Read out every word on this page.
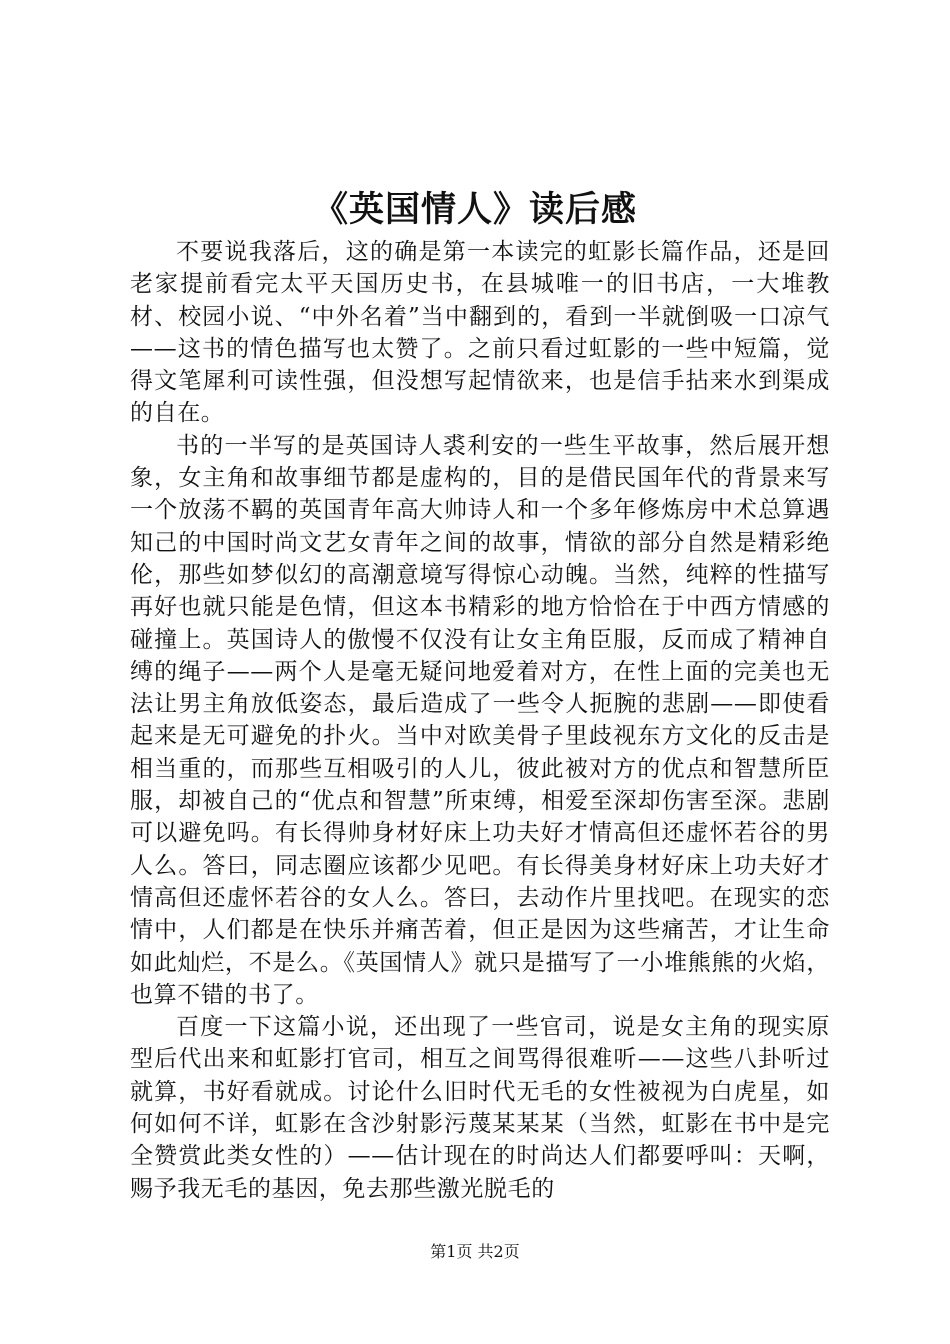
《英国情人》读后感

不要说我落后，这的确是第一本读完的虹影长篇作品，还是回老家提前看完太平天国历史书，在县城唯一的旧书店，一大堆教材、校园小说、“中外名着”当中翻到的，看到一半就倒吸一口凉气——这书的情色描写也太赞了。之前只看过虹影的一些中短篇，觉得文笔犀利可读性强，但没想写起情欲来，也是信手拈来水到渠成的自在。

书的一半写的是英国诗人裘利安的一些生平故事，然后展开想象，女主角和故事细节都是虚构的，目的是借民国年代的背景来写一个放荡不羁的英国青年高大帅诗人和一个多年修炼房中术总算遇知己的中国时尚文艺女青年之间的故事，情欲的部分自然是精彩绝伦，那些如梦似幻的高潮意境写得惊心动魄。当然，纯粹的性描写再好也就只能是色情，但这本书精彩的地方恰恰在于中西方情感的碰撞上。英国诗人的傲慢不仅没有让女主角臣服，反而成了精神自缚的绳子——两个人是毫无疑问地爱着对方，在性上面的完美也无法让男主角放低姿态，最后造成了一些令人扼腕的悲剧——即使看起来是无可避免的扑火。当中对欧美骨子里歧视东方文化的反击是相当重的，而那些互相吸引的人儿，彼此被对方的优点和智慧所臣服，却被自己的“优点和智慧”所束缚，相爱至深却伤害至深。悲剧可以避免吗。有长得帅身材好床上功夫好才情高但还虚怀若谷的男人么。答曰，同志圈应该都少见吧。有长得美身材好床上功夫好才情高但还虚怀若谷的女人么。答曰，去动作片里找吧。在现实的恋情中，人们都是在快乐并痛苦着，但正是因为这些痛苦，才让生命如此灿烂，不是么。《英国情人》就只是描写了一小堆熊熊的火焰，也算不错的书了。

百度一下这篇小说，还出现了一些官司，说是女主角的现实原型后代出来和虹影打官司，相互之间骂得很难听——这些八卦听过就算，书好看就成。讨论什么旧时代无毛的女性被视为白虎星，如何如何不详，虹影在含沙射影污蔑某某某（当然，虹影在书中是完全赞赏此类女性的）——估计现在的时尚达人们都要呼叫：天啊，赐予我无毛的基因，免去那些激光脱毛的

第1页 共2页
